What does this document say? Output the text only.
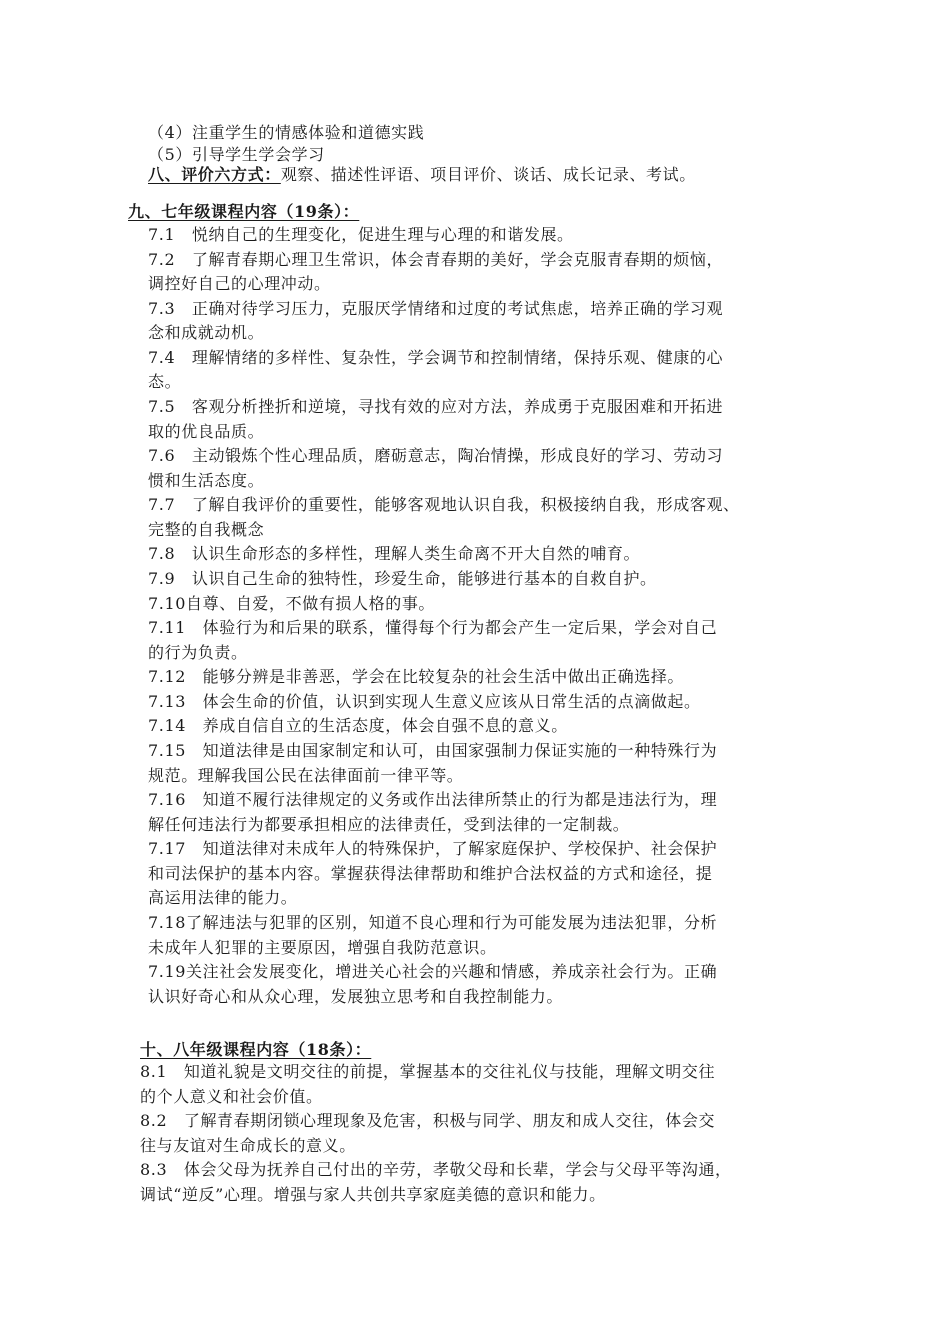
（4）注重学生的情感体验和道德实践
（5）引导学生学会学习
八、评价六方式：观察、描述性评语、项目评价、谈话、成长记录、考试。
九、七年级课程内容（19条）：
7.1　悦纳自己的生理变化，促进生理与心理的和谐发展。
7.2　了解青春期心理卫生常识，体会青春期的美好，学会克服青春期的烦恼，
调控好自己的心理冲动。
7.3　正确对待学习压力，克服厌学情绪和过度的考试焦虑，培养正确的学习观
念和成就动机。
7.4　理解情绪的多样性、复杂性，学会调节和控制情绪，保持乐观、健康的心
态。
7.5　客观分析挫折和逆境，寻找有效的应对方法，养成勇于克服困难和开拓进
取的优良品质。
7.6　主动锻炼个性心理品质，磨砺意志，陶冶情操，形成良好的学习、劳动习
惯和生活态度。
7.7　了解自我评价的重要性，能够客观地认识自我，积极接纳自我，形成客观、
完整的自我概念
7.8　认识生命形态的多样性，理解人类生命离不开大自然的哺育。
7.9　认识自己生命的独特性，珍爱生命，能够进行基本的自救自护。
7.10自尊、自爱，不做有损人格的事。
7.11　体验行为和后果的联系，懂得每个行为都会产生一定后果，学会对自己
的行为负责。
7.12　能够分辨是非善恶，学会在比较复杂的社会生活中做出正确选择。
7.13　体会生命的价值，认识到实现人生意义应该从日常生活的点滴做起。
7.14　养成自信自立的生活态度，体会自强不息的意义。
7.15　知道法律是由国家制定和认可，由国家强制力保证实施的一种特殊行为
规范。理解我国公民在法律面前一律平等。
7.16　知道不履行法律规定的义务或作出法律所禁止的行为都是违法行为，理
解任何违法行为都要承担相应的法律责任，受到法律的一定制裁。
7.17　知道法律对未成年人的特殊保护，了解家庭保护、学校保护、社会保护
和司法保护的基本内容。掌握获得法律帮助和维护合法权益的方式和途径，提
高运用法律的能力。
7.18了解违法与犯罪的区别，知道不良心理和行为可能发展为违法犯罪，分析
未成年人犯罪的主要原因，增强自我防范意识。
7.19关注社会发展变化，增进关心社会的兴趣和情感，养成亲社会行为。正确
认识好奇心和从众心理，发展独立思考和自我控制能力。
十、八年级课程内容（18条）：
8.1　知道礼貌是文明交往的前提，掌握基本的交往礼仪与技能，理解文明交往
的个人意义和社会价值。
8.2　了解青春期闭锁心理现象及危害，积极与同学、朋友和成人交往，体会交
往与友谊对生命成长的意义。
8.3　体会父母为抚养自己付出的辛劳，孝敬父母和长辈，学会与父母平等沟通，
调试“逆反”心理。增强与家人共创共享家庭美德的意识和能力。
